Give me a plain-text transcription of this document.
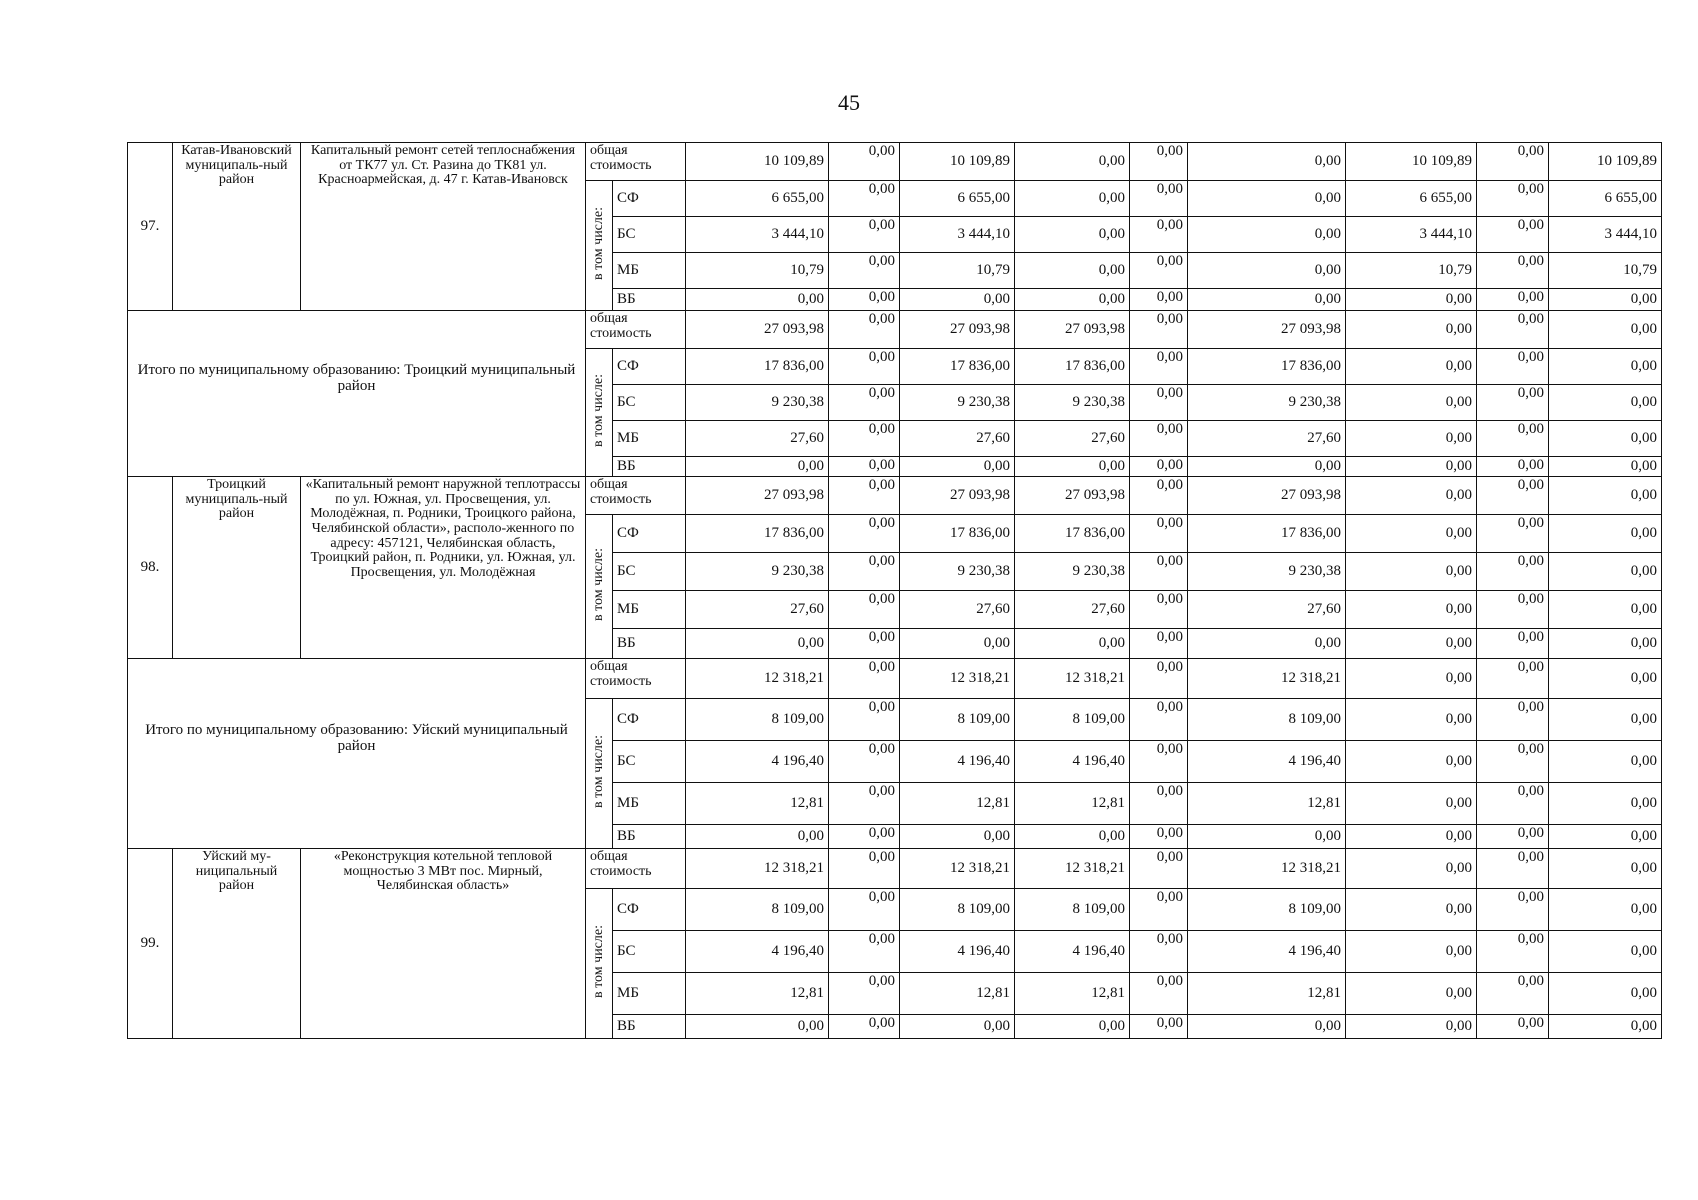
45
97.	Катав-Ивановский муниципаль-ный район	Капитальный ремонт сетей теплоснабжения от ТК77 ул. Ст. Разина до ТК81 ул. Красноармейская, д. 47 г. Катав-Ивановск	общая стоимость		10 109,89	0,00	10 109,89	0,00	0,00	0,00	10 109,89	0,00	10 109,89
			в том числе:	СФ	6 655,00	0,00	6 655,00	0,00	0,00	0,00	6 655,00	0,00	6 655,00
				БС	3 444,10	0,00	3 444,10	0,00	0,00	0,00	3 444,10	0,00	3 444,10
				МБ	10,79	0,00	10,79	0,00	0,00	0,00	10,79	0,00	10,79
				ВБ	0,00	0,00	0,00	0,00	0,00	0,00	0,00	0,00	0,00

Итого по муниципальному образованию: Троицкий муниципальный район			общая стоимость		27 093,98	0,00	27 093,98	27 093,98	0,00	27 093,98	0,00	0,00	0,00
			в том числе:	СФ	17 836,00	0,00	17 836,00	17 836,00	0,00	17 836,00	0,00	0,00	0,00
				БС	9 230,38	0,00	9 230,38	9 230,38	0,00	9 230,38	0,00	0,00	0,00
				МБ	27,60	0,00	27,60	27,60	0,00	27,60	0,00	0,00	0,00
				ВБ	0,00	0,00	0,00	0,00	0,00	0,00	0,00	0,00	0,00
98.	Троицкий муниципаль-ный район	«Капитальный ремонт наружной теплотрассы по ул. Южная, ул. Просвещения, ул. Молодёжная, п. Родники, Троицкого района, Челябинской области», располо-женного по адресу: 457121, Челябинская область, Троицкий район, п. Родники, ул. Южная, ул. Просвещения, ул. Молодёжная	общая стоимость		27 093,98	0,00	27 093,98	27 093,98	0,00	27 093,98	0,00	0,00	0,00
			в том числе:	СФ	17 836,00	0,00	17 836,00	17 836,00	0,00	17 836,00	0,00	0,00	0,00
				БС	9 230,38	0,00	9 230,38	9 230,38	0,00	9 230,38	0,00	0,00	0,00
				МБ	27,60	0,00	27,60	27,60	0,00	27,60	0,00	0,00	0,00
				ВБ	0,00	0,00	0,00	0,00	0,00	0,00	0,00	0,00	0,00

Итого по муниципальному образованию: Уйский муниципальный район			общая стоимость		12 318,21	0,00	12 318,21	12 318,21	0,00	12 318,21	0,00	0,00	0,00
			в том числе:	СФ	8 109,00	0,00	8 109,00	8 109,00	0,00	8 109,00	0,00	0,00	0,00
				БС	4 196,40	0,00	4 196,40	4 196,40	0,00	4 196,40	0,00	0,00	0,00
				МБ	12,81	0,00	12,81	12,81	0,00	12,81	0,00	0,00	0,00
				ВБ	0,00	0,00	0,00	0,00	0,00	0,00	0,00	0,00	0,00
99.	Уйский му-ниципальный район	«Реконструкция котельной тепловой мощностью 3 МВт пос. Мирный, Челябинская область»	общая стоимость		12 318,21	0,00	12 318,21	12 318,21	0,00	12 318,21	0,00	0,00	0,00
			в том числе:	СФ	8 109,00	0,00	8 109,00	8 109,00	0,00	8 109,00	0,00	0,00	0,00
				БС	4 196,40	0,00	4 196,40	4 196,40	0,00	4 196,40	0,00	0,00	0,00
				МБ	12,81	0,00	12,81	12,81	0,00	12,81	0,00	0,00	0,00
				ВБ	0,00	0,00	0,00	0,00	0,00	0,00	0,00	0,00	0,00
